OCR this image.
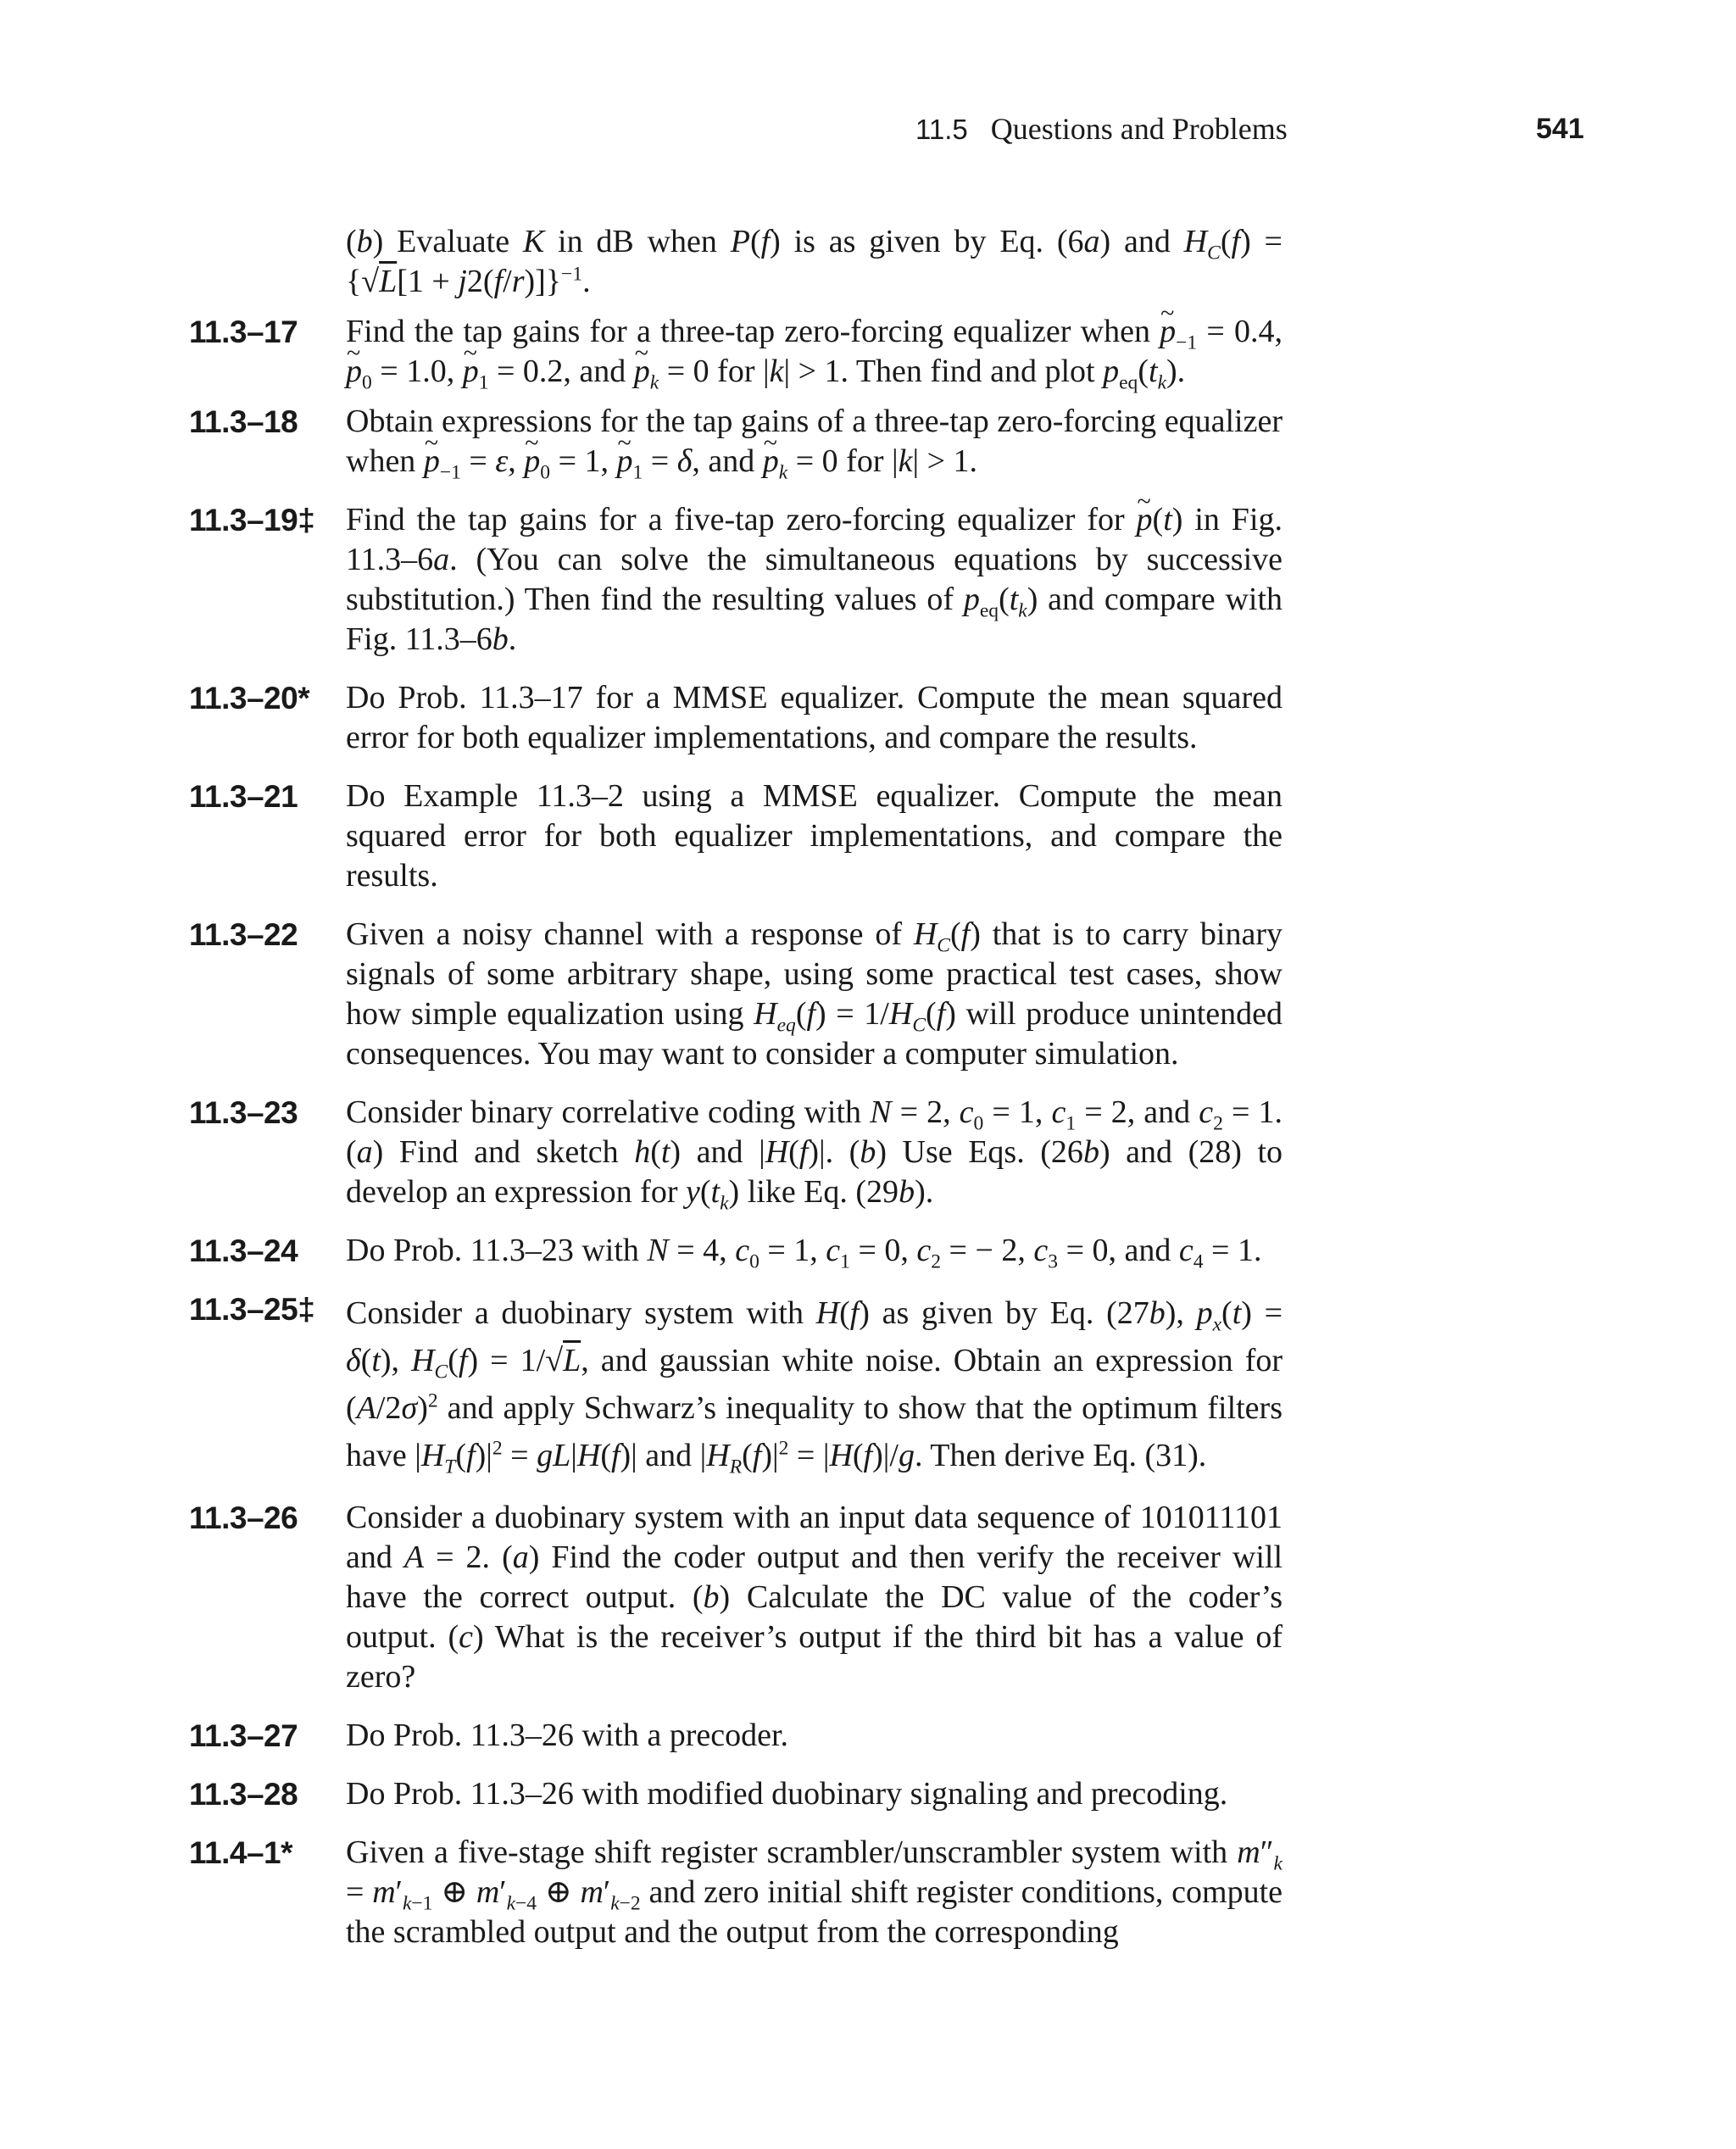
11.5 Questions and Problems	541
(b) Evaluate K in dB when P(f) is as given by Eq. (6a) and $H_C(f) = \{√L[1 + j2(f/r)]\}^{-1}$.
11.3–17 Find the tap gains for a three-tap zero-forcing equalizer when ~ $p_{-1} = 0.4$, ~ $p_0 = 1.0$, ~ $p_1 = 0.2$, and ~ $p_k = 0$ for |k| > 1. Then find and plot $p_{eq}(t_k)$.
11.3–18 Obtain expressions for the tap gains of a three-tap zero-forcing equalizer when ~ $p_{-1} = \varepsilon$, ~ $p_0 = 1$, ~ $p_1 = \delta$, and ~ $p_k = 0$ for |k| > 1.
11.3–19‡ Find the tap gains for a five-tap zero-forcing equalizer for ~ p(t) in Fig. 11.3–6a. (You can solve the simultaneous equations by successive substitution.) Then find the resulting values of $p_{eq}(t_k)$ and compare with Fig. 11.3–6b.
11.3–20* Do Prob. 11.3–17 for a MMSE equalizer. Compute the mean squared error for both equalizer implementations, and compare the results.
11.3–21 Do Example 11.3–2 using a MMSE equalizer. Compute the mean squared error for both equalizer implementations, and compare the results.
11.3–22 Given a noisy channel with a response of $H_C(f)$ that is to carry binary signals of some arbitrary shape, using some practical test cases, show how simple equalization using $H_{eq}(f) = 1/H_C(f)$ will produce unintended consequences. You may want to consider a computer simulation.
11.3–23 Consider binary correlative coding with N = 2, $c_0 = 1$, $c_1 = 2$, and $c_2 = 1$. (a) Find and sketch h(t) and |H(f)|. (b) Use Eqs. (26b) and (28) to develop an expression for $y(t_k)$ like Eq. (29b).
11.3–24 Do Prob. 11.3–23 with N = 4, $c_0 = 1$, $c_1 = 0$, $c_2$ = − 2, $c_3 = 0$, and $c_4 = 1$.
11.3–25‡ Consider a duobinary system with H(f) as given by Eq. (27b), $p_x(t) = \delta(t)$, $H_C(f) = 1/√L$, and gaussian white noise. Obtain an expression for $(A/2\sigma)^2$ and apply Schwarz’s inequality to show that the optimum filters have $|H_T(f)|^2 = gL|H(f)|$ and $|H_R(f)|^2 = |H(f)|/g$. Then derive Eq. (31).
11.3–26 Consider a duobinary system with an input data sequence of 101011101 and A = 2. (a) Find the coder output and then verify the receiver will have the correct output. (b) Calculate the DC value of the coder’s output. (c) What is the receiver’s output if the third bit has a value of zero?
11.3–27 Do Prob. 11.3–26 with a precoder.
11.3–28 Do Prob. 11.3–26 with modified duobinary signaling and precoding.
11.4–1* Given a five-stage shift register scrambler/unscrambler system with $m''_k = m'_{k-1}$ ⊕ $m'_{k-4}$ ⊕ $m'_{k-2}$ and zero initial shift register conditions, compute the scrambled output and the output from the corresponding
